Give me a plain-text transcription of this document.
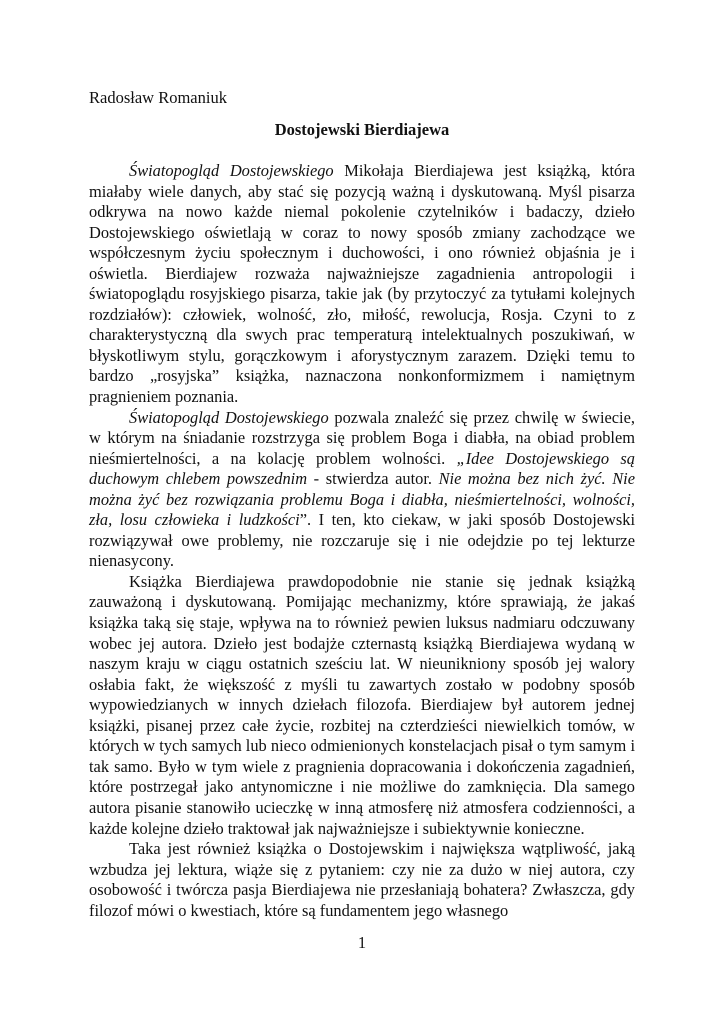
Radosław Romaniuk
Dostojewski Bierdiajewa

Światopogląd Dostojewskiego Mikołaja Bierdiajewa jest książką, która miałaby wiele danych, aby stać się pozycją ważną i dyskutowaną. Myśl pisarza odkrywa na nowo każde niemal pokolenie czytelników i badaczy, dzieło Dostojewskiego oświetlają w coraz to nowy sposób zmiany zachodzące we współczesnym życiu społecznym i duchowości, i ono również objaśnia je i oświetla. Bierdiajew rozważa najważniejsze zagadnienia antropologii i światopoglądu rosyjskiego pisarza, takie jak (by przytoczyć za tytułami kolejnych rozdziałów): człowiek, wolność, zło, miłość, rewolucja, Rosja. Czyni to z charakterystyczną dla swych prac temperaturą intelektualnych poszukiwań, w błyskotliwym stylu, gorączkowym i aforystycznym zarazem. Dzięki temu to bardzo „rosyjska” książka, naznaczona nonkonformizmem i namiętnym pragnieniem poznania.

Światopogląd Dostojewskiego pozwala znaleźć się przez chwilę w świecie, w którym na śniadanie rozstrzyga się problem Boga i diabła, na obiad problem nieśmiertelności, a na kolację problem wolności. „Idee Dostojewskiego są duchowym chlebem powszednim - stwierdza autor. Nie można bez nich żyć. Nie można żyć bez rozwiązania problemu Boga i diabła, nieśmiertelności, wolności, zła, losu człowieka i ludzkości”. I ten, kto ciekaw, w jaki sposób Dostojewski rozwiązywał owe problemy, nie rozczaruje się i nie odejdzie po tej lekturze nienasycony.

Książka Bierdiajewa prawdopodobnie nie stanie się jednak książką zauważoną i dyskutowaną. Pomijając mechanizmy, które sprawiają, że jakaś książka taką się staje, wpływa na to również pewien luksus nadmiaru odczuwany wobec jej autora. Dzieło jest bodajże czternastą książką Bierdiajewa wydaną w naszym kraju w ciągu ostatnich sześciu lat. W nieunikniony sposób jej walory osłabia fakt, że większość z myśli tu zawartych zostało w podobny sposób wypowiedzianych w innych dziełach filozofa. Bierdiajew był autorem jednej książki, pisanej przez całe życie, rozbitej na czterdzieści niewielkich tomów, w których w tych samych lub nieco odmienionych konstelacjach pisał o tym samym i tak samo. Było w tym wiele z pragnienia dopracowania i dokończenia zagadnień, które postrzegał jako antynomiczne i nie możliwe do zamknięcia. Dla samego autora pisanie stanowiło ucieczkę w inną atmosferę niż atmosfera codzienności, a każde kolejne dzieło traktował jak najważniejsze i subiektywnie konieczne.

Taka jest również książka o Dostojewskim i największa wątpliwość, jaką wzbudza jej lektura, wiąże się z pytaniem: czy nie za dużo w niej autora, czy osobowość i twórcza pasja Bierdiajewa nie przesłaniają bohatera? Zwłaszcza, gdy filozof mówi o kwestiach, które są fundamentem jego własnego

1
